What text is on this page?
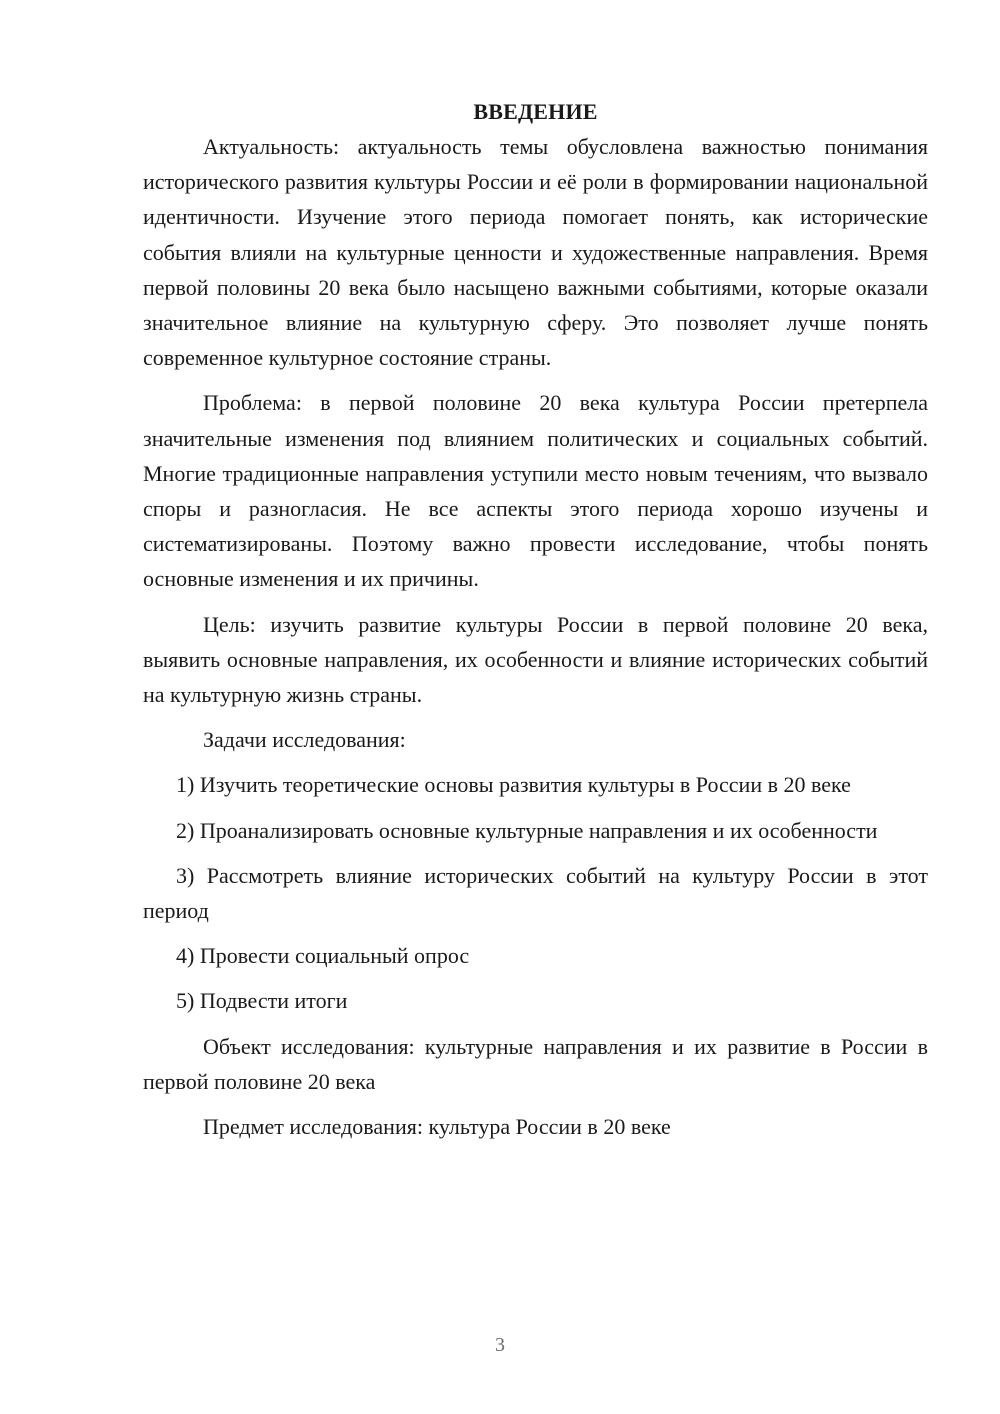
ВВЕДЕНИЕ

Актуальность: актуальность темы обусловлена важностью понимания исторического развития культуры России и её роли в формировании национальной идентичности. Изучение этого периода помогает понять, как исторические события влияли на культурные ценности и художественные направления. Время первой половины 20 века было насыщено важными событиями, которые оказали значительное влияние на культурную сферу. Это позволяет лучше понять современное культурное состояние страны.

Проблема: в первой половине 20 века культура России претерпела значительные изменения под влиянием политических и социальных событий. Многие традиционные направления уступили место новым течениям, что вызвало споры и разногласия. Не все аспекты этого периода хорошо изучены и систематизированы. Поэтому важно провести исследование, чтобы понять основные изменения и их причины.

Цель: изучить развитие культуры России в первой половине 20 века, выявить основные направления, их особенности и влияние исторических событий на культурную жизнь страны.

Задачи исследования:

1) Изучить теоретические основы развития культуры в России в 20 веке

2) Проанализировать основные культурные направления и их особенности

3) Рассмотреть влияние исторических событий на культуру России в этот период

4) Провести социальный опрос

5) Подвести итоги

Объект исследования: культурные направления и их развитие в России в первой половине 20 века

Предмет исследования: культура России в 20 веке

3
